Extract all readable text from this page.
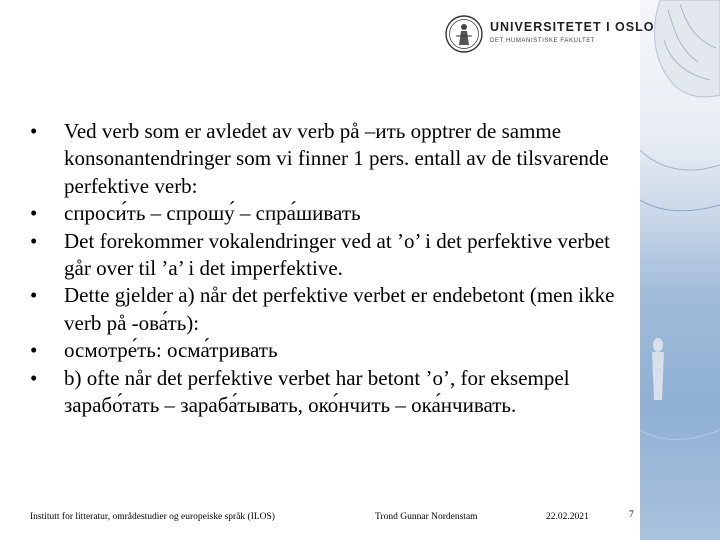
UNIVERSITETET I OSLO
DET HUMANISTISKE FAKULTET
•	Ved verb som er avledet av verb på –ить opptrer de samme konsonantendringer som vi finner 1 pers. entall av de tilsvarende perfektive verb:
•	спроси́ть – спрошу́ – спра́шивать
•	Det forekommer vokalendringer ved at ’o’ i det perfektive verbet går over til ’a’ i det imperfektive.
•	Dette gjelder a) når det perfektive verbet er endebetont (men ikke verb på -ова́ть):
•	осмотре́ть: осма́тривать
•	b) ofte når det perfektive verbet har betont ’o’, for eksempel зарабо́тать – зараба́тывать, око́нчить – ока́нчивать.
Institutt for litteratur, områdestudier og europeiske språk (ILOS)	Trond Gunnar Nordenstam	22.02.2021	7
